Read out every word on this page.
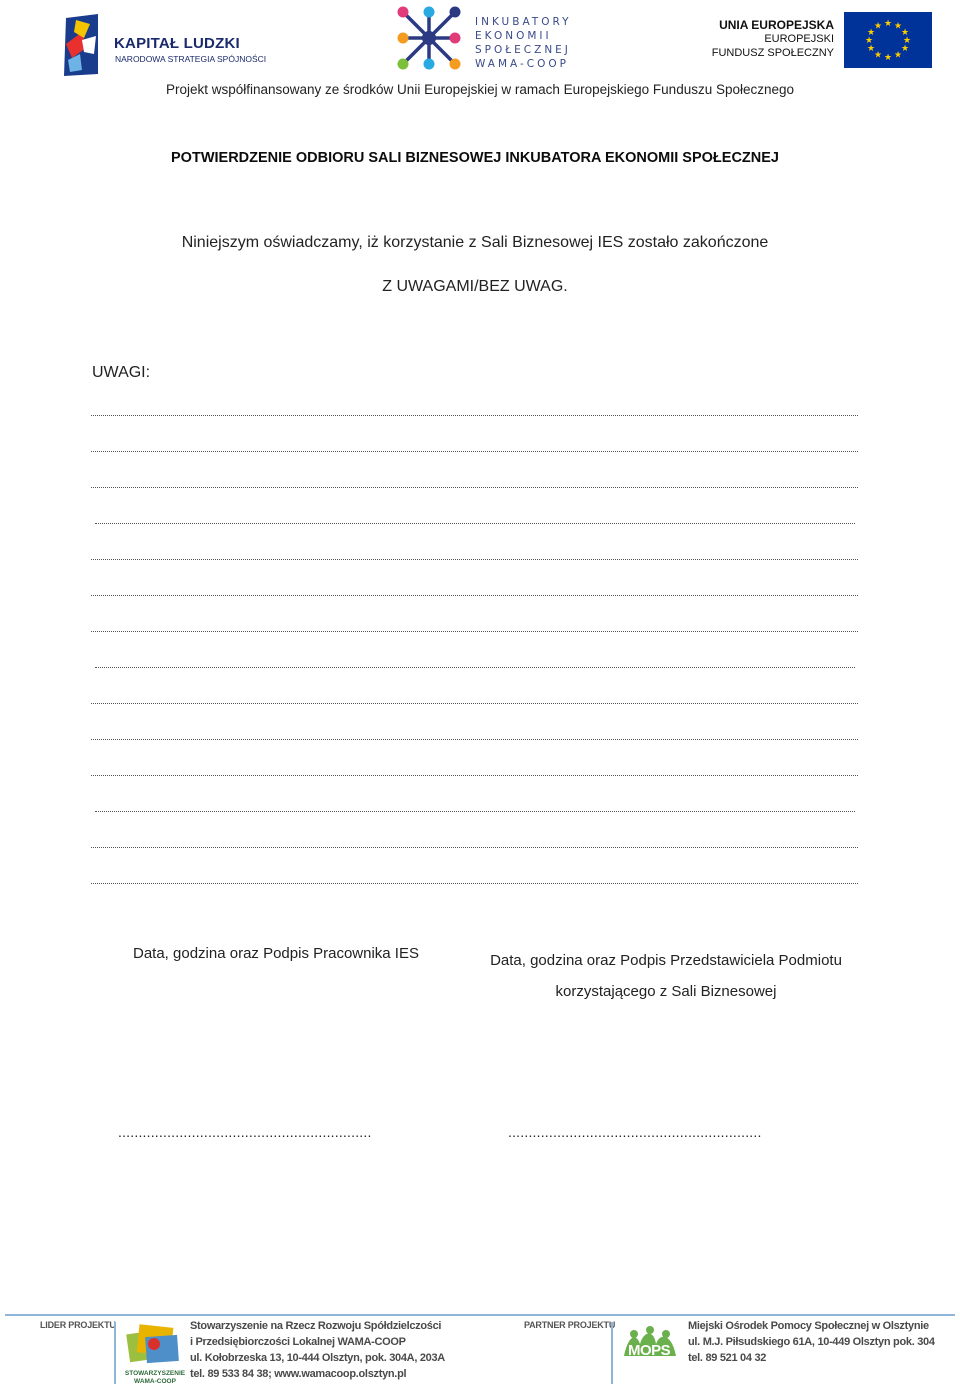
KAPITAŁ LUDZKI
NARODOWA STRATEGIA SPÓJNOŚCI
INKUBATORY
EKONOMII
SPOŁECZNEJ
WAMA-COOP
UNIA EUROPEJSKA
EUROPEJSKI
FUNDUSZ SPOŁECZNY
★ ★
★
★
★
★
★
★
★
★
★
★
Projekt współfinansowany ze środków Unii Europejskiej w ramach Europejskiego Funduszu Społecznego
POTWIERDZENIE ODBIORU SALI BIZNESOWEJ INKUBATORA EKONOMII SPOŁECZNEJ
Niniejszym oświadczamy, iż korzystanie z Sali Biznesowej IES zostało zakończone
Z UWAGAMI/BEZ UWAG.
UWAGI:
Data, godzina oraz Podpis Pracownika IES	Data, godzina oraz Podpis Przedstawiciela Podmiotu
korzystającego z Sali Biznesowej
..............................................................	..............................................................
LIDER PROJEKTU
STOWARZYSZENIE WAMA-COOP
Stowarzyszenie na Rzecz Rozwoju Spółdzielczości
i Przedsiębiorczości Lokalnej WAMA-COOP
ul. Kołobrzeska 13, 10-444 Olsztyn, pok. 304A, 203A
tel. 89 533 84 38; www.wamacoop.olsztyn.pl
PARTNER PROJEKTU
MOPS
Miejski Ośrodek Pomocy Społecznej w Olsztynie
ul. M.J. Piłsudskiego 61A, 10-449 Olsztyn pok. 304
tel. 89 521 04 32
